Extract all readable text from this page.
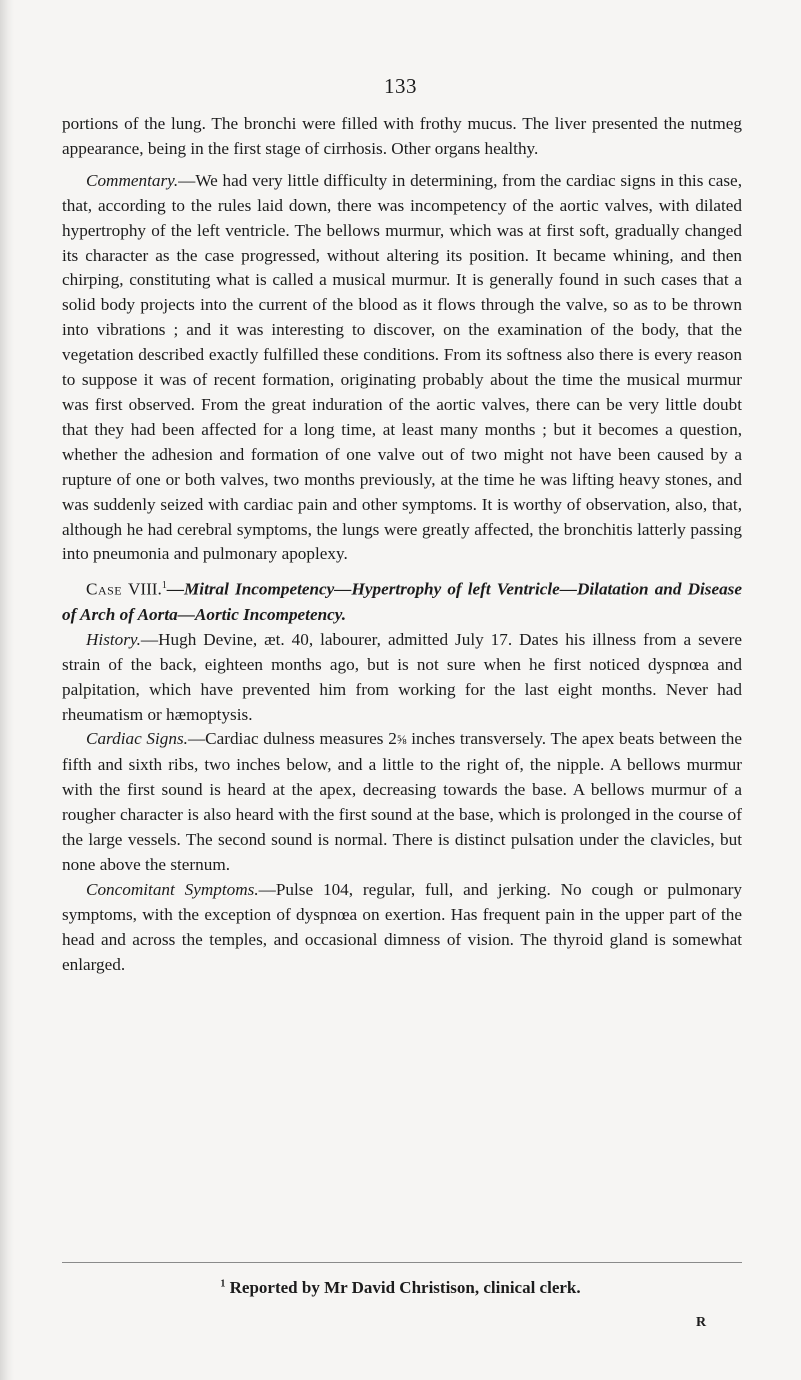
133

portions of the lung. The bronchi were filled with frothy mucus. The liver presented the nutmeg appearance, being in the first stage of cirrhosis. Other organs healthy.

Commentary.—We had very little difficulty in determining, from the cardiac signs in this case, that, according to the rules laid down, there was incompetency of the aortic valves, with dilated hypertrophy of the left ventricle. The bellows murmur, which was at first soft, gradually changed its character as the case progressed, without altering its position. It became whining, and then chirping, constituting what is called a musical murmur. It is generally found in such cases that a solid body projects into the current of the blood as it flows through the valve, so as to be thrown into vibrations ; and it was interesting to discover, on the examination of the body, that the vegetation described exactly fulfilled these conditions. From its softness also there is every reason to suppose it was of recent formation, originating probably about the time the musical murmur was first observed. From the great induration of the aortic valves, there can be very little doubt that they had been affected for a long time, at least many months ; but it becomes a question, whether the adhesion and formation of one valve out of two might not have been caused by a rupture of one or both valves, two months previously, at the time he was lifting heavy stones, and was suddenly seized with cardiac pain and other symptoms. It is worthy of observation, also, that, although he had cerebral symptoms, the lungs were greatly affected, the bronchitis latterly passing into pneumonia and pulmonary apoplexy.

Case VIII.$^1$—Mitral Incompetency—Hypertrophy of left Ventricle—Dilatation and Disease of Arch of Aorta—Aortic Incompetency.

History.—Hugh Devine, æt. 40, labourer, admitted July 17. Dates his illness from a severe strain of the back, eighteen months ago, but is not sure when he first noticed dyspnœa and palpitation, which have prevented him from working for the last eight months. Never had rheumatism or hæmoptysis.

Cardiac Signs.—Cardiac dulness measures 2⅝ inches transversely. The apex beats between the fifth and sixth ribs, two inches below, and a little to the right of, the nipple. A bellows murmur with the first sound is heard at the apex, decreasing towards the base. A bellows murmur of a rougher character is also heard with the first sound at the base, which is prolonged in the course of the large vessels. The second sound is normal. There is distinct pulsation under the clavicles, but none above the sternum.

Concomitant Symptoms.—Pulse 104, regular, full, and jerking. No cough or pulmonary symptoms, with the exception of dyspnœa on exertion. Has frequent pain in the upper part of the head and across the temples, and occasional dimness of vision. The thyroid gland is somewhat enlarged.

$^1$ Reported by Mr David Christison, clinical clerk.
R
